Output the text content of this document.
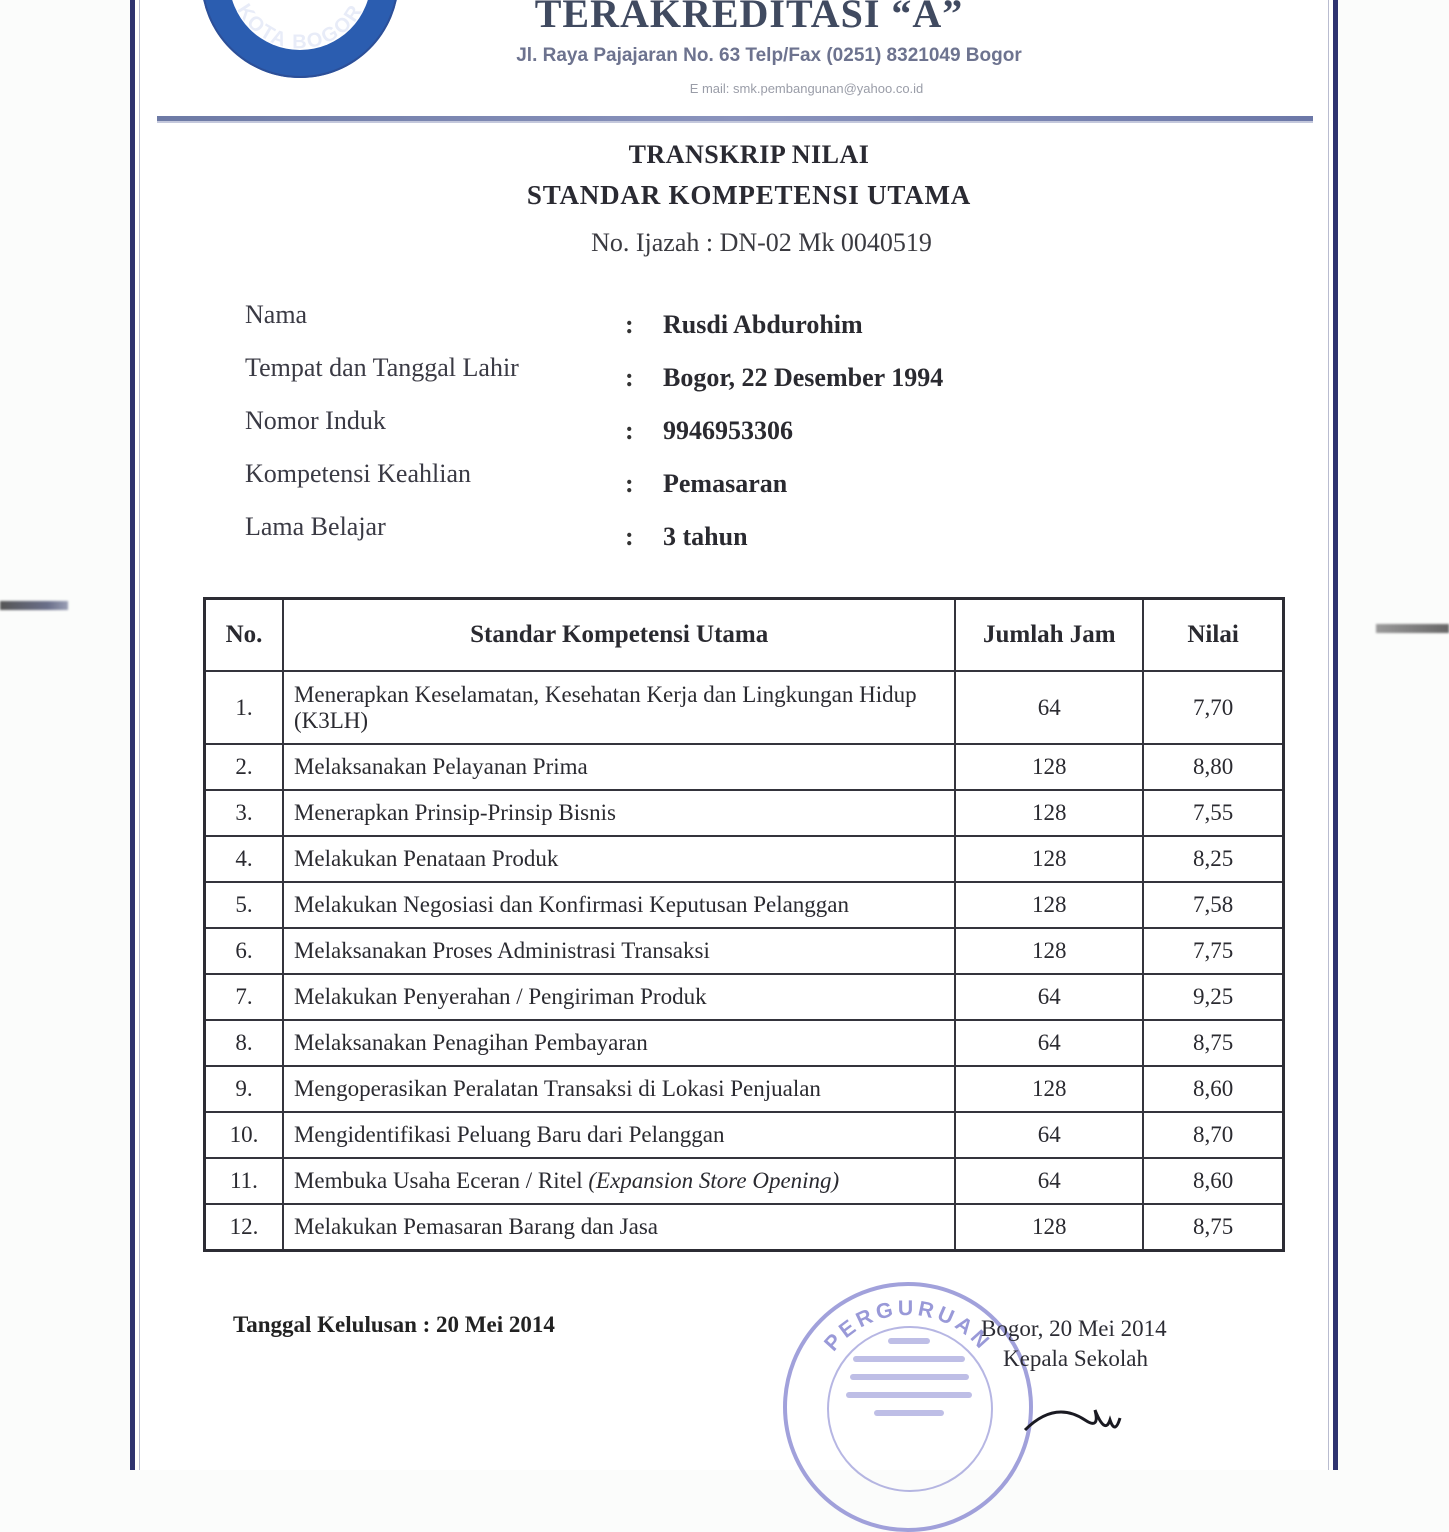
KOTA BOGOR	TERAKREDITASI “A”
Jl. Raya Pajajaran No. 63 Telp/Fax (0251) 8321049 Bogor
E mail: smk.pembangunan@yahoo.co.id
TRANSKRIP NILAI
STANDAR KOMPETENSI UTAMA
No. Ijazah : DN-02 Mk 0040519
Nama	: Rusdi Abdurohim
Tempat dan Tanggal Lahir	: Bogor, 22 Desember 1994
Nomor Induk	: 9946953306
Kompetensi Keahlian	: Pemasaran
Lama Belajar	: 3 tahun
No.	Standar Kompetensi Utama	Jumlah Jam	Nilai
1.	Menerapkan Keselamatan, Kesehatan Kerja dan Lingkungan Hidup (K3LH)	64	7,70
2.	Melaksanakan Pelayanan Prima	128	8,80
3.	Menerapkan Prinsip-Prinsip Bisnis	128	7,55
4.	Melakukan Penataan Produk	128	8,25
5.	Melakukan Negosiasi dan Konfirmasi Keputusan Pelanggan	128	7,58
6.	Melaksanakan Proses Administrasi Transaksi	128	7,75
7.	Melakukan Penyerahan / Pengiriman Produk	64	9,25
8.	Melaksanakan Penagihan Pembayaran	64	8,75
9.	Mengoperasikan Peralatan Transaksi di Lokasi Penjualan	128	8,60
10.	Mengidentifikasi Peluang Baru dari Pelanggan	64	8,70
11.	Membuka Usaha Eceran / Ritel (Expansion Store Opening)	64	8,60
12.	Melakukan Pemasaran Barang dan Jasa	128	8,75
Tanggal Kelulusan : 20 Mei 2014
PERGURUAN
Bogor, 20 Mei 2014
Kepala Sekolah
